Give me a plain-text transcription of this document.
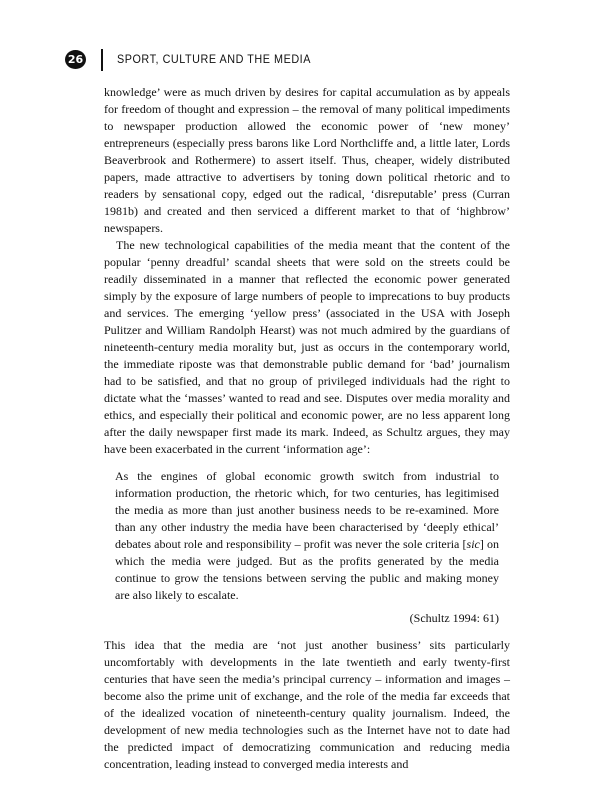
26	SPORT, CULTURE AND THE MEDIA

knowledge’ were as much driven by desires for capital accumulation as by appeals for freedom of thought and expression – the removal of many political impediments to newspaper production allowed the economic power of ‘new money’ entrepreneurs (especially press barons like Lord Northcliffe and, a little later, Lords Beaverbrook and Rothermere) to assert itself. Thus, cheaper, widely distributed papers, made attractive to advertisers by toning down political rhetoric and to readers by sensational copy, edged out the radical, ‘disreputable’ press (Curran 1981b) and created and then serviced a different market to that of ‘highbrow’ newspapers.

The new technological capabilities of the media meant that the content of the popular ‘penny dreadful’ scandal sheets that were sold on the streets could be readily disseminated in a manner that reflected the economic power generated simply by the exposure of large numbers of people to imprecations to buy products and services. The emerging ‘yellow press’ (associated in the USA with Joseph Pulitzer and William Randolph Hearst) was not much admired by the guardians of nineteenth-century media morality but, just as occurs in the contemporary world, the immediate riposte was that demonstrable public demand for ‘bad’ journalism had to be satisfied, and that no group of privileged individuals had the right to dictate what the ‘masses’ wanted to read and see. Disputes over media morality and ethics, and especially their political and economic power, are no less apparent long after the daily newspaper first made its mark. Indeed, as Schultz argues, they may have been exacerbated in the current ‘information age’:

As the engines of global economic growth switch from industrial to information production, the rhetoric which, for two centuries, has legitimised the media as more than just another business needs to be re-examined. More than any other industry the media have been characterised by ‘deeply ethical’ debates about role and responsibility – profit was never the sole criteria [sic] on which the media were judged. But as the profits generated by the media continue to grow the tensions between serving the public and making money are also likely to escalate.
(Schultz 1994: 61)

This idea that the media are ‘not just another business’ sits particularly uncomfortably with developments in the late twentieth and early twenty-first centuries that have seen the media’s principal currency – information and images – become also the prime unit of exchange, and the role of the media far exceeds that of the idealized vocation of nineteenth-century quality journalism. Indeed, the development of new media technologies such as the Internet have not to date had the predicted impact of democratizing communication and reducing media concentration, leading instead to converged media interests and
